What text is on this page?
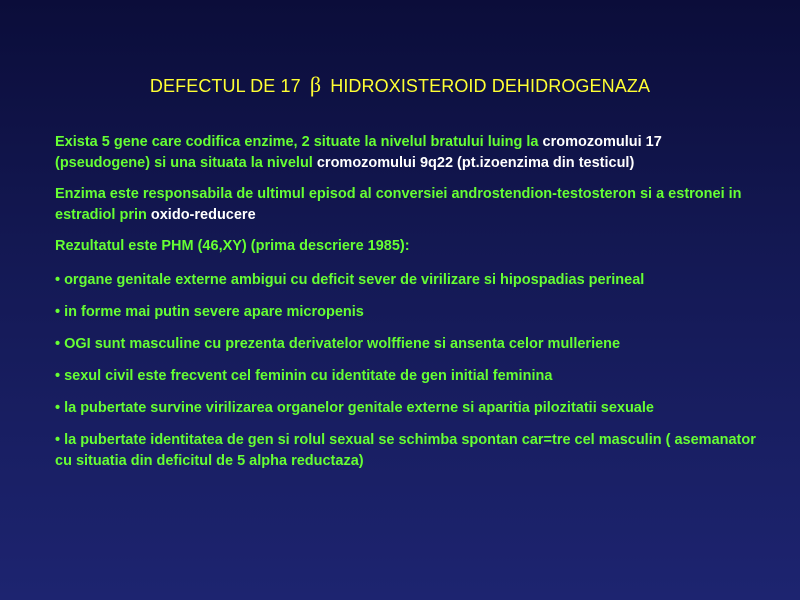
DEFECTUL DE 17 β HIDROXISTEROID DEHIDROGENAZA
Exista 5 gene care codifica enzime, 2 situate la nivelul bratului luing la cromozomului 17
(pseudogene) si una situata la nivelul cromozomului 9q22 (pt.izoenzima din testicul)
Enzima este responsabila de ultimul episod al conversiei androstendion-testosteron si a estronei in estradiol prin oxido-reducere
Rezultatul este PHM (46,XY) (prima descriere 1985):
• organe genitale externe ambigui cu deficit sever de virilizare si hipospadias perineal
• in forme mai putin severe apare micropenis
• OGI sunt masculine cu prezenta derivatelor wolffiene si ansenta celor mulleriene
• sexul civil este frecvent cel feminin cu identitate de gen initial feminina
• la pubertate survine virilizarea organelor genitale externe si aparitia pilozitatii sexuale
• la pubertate identitatea de gen si rolul sexual se schimba spontan car=tre cel masculin ( asemanator cu situatia din deficitul de 5 alpha reductaza)
